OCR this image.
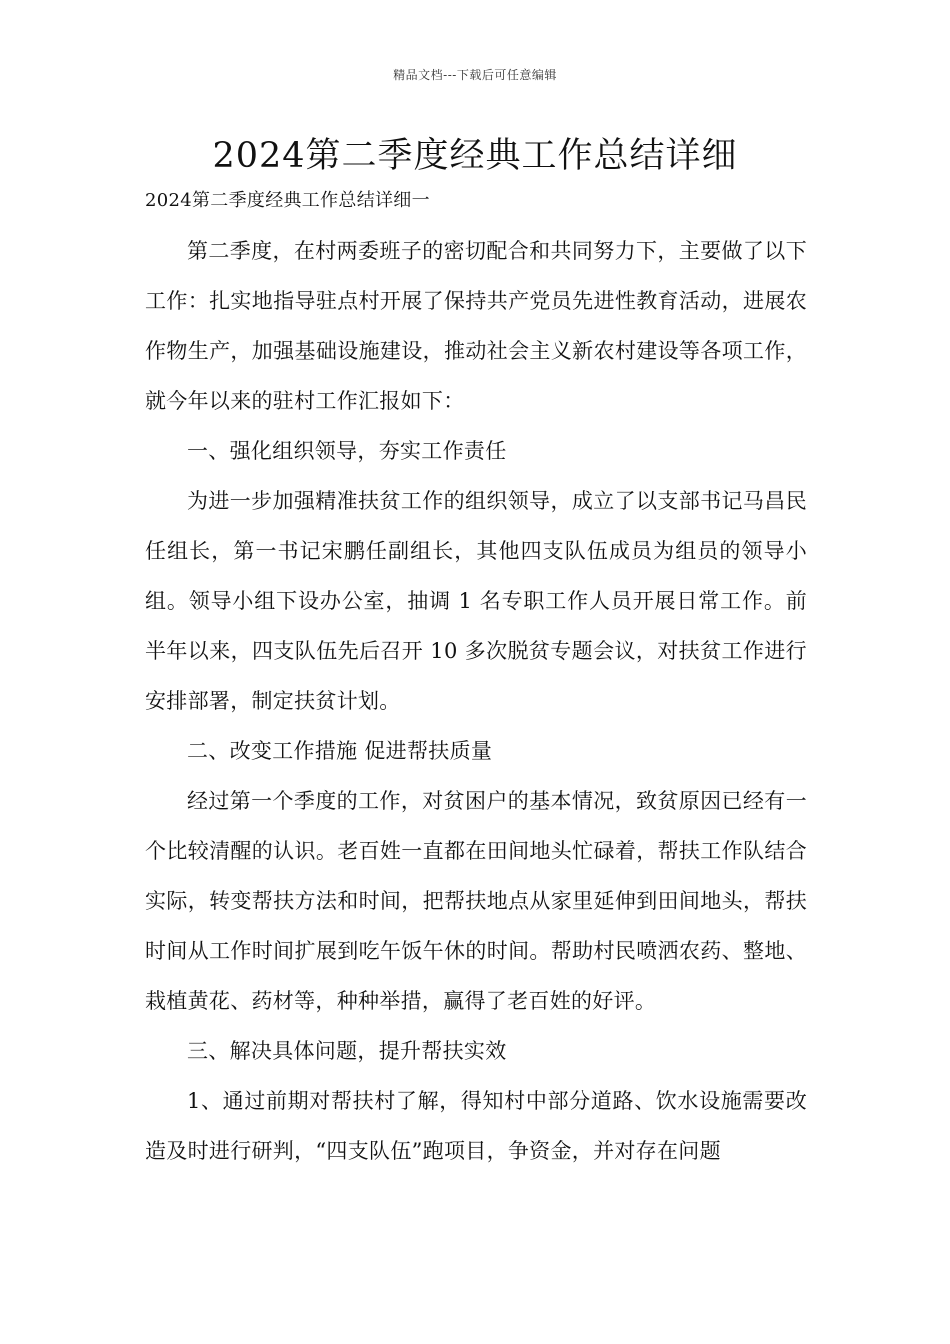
精品文档---下载后可任意编辑
2024第二季度经典工作总结详细
2024第二季度经典工作总结详细一

第二季度，在村两委班子的密切配合和共同努力下，主要做了以下工作：扎实地指导驻点村开展了保持共产党员先进性教育活动，进展农作物生产，加强基础设施建设，推动社会主义新农村建设等各项工作，就今年以来的驻村工作汇报如下：

一、强化组织领导，夯实工作责任

为进一步加强精准扶贫工作的组织领导，成立了以支部书记马昌民任组长，第一书记宋鹏任副组长，其他四支队伍成员为组员的领导小组。领导小组下设办公室，抽调 1 名专职工作人员开展日常工作。前半年以来，四支队伍先后召开 10 多次脱贫专题会议，对扶贫工作进行安排部署，制定扶贫计划。

二、改变工作措施 促进帮扶质量

经过第一个季度的工作，对贫困户的基本情况，致贫原因已经有一个比较清醒的认识。老百姓一直都在田间地头忙碌着，帮扶工作队结合实际，转变帮扶方法和时间，把帮扶地点从家里延伸到田间地头，帮扶时间从工作时间扩展到吃午饭午休的时间。帮助村民喷洒农药、整地、栽植黄花、药材等，种种举措，赢得了老百姓的好评。

三、解决具体问题，提升帮扶实效

1、通过前期对帮扶村了解，得知村中部分道路、饮水设施需要改造及时进行研判，“四支队伍”跑项目，争资金，并对存在问题
